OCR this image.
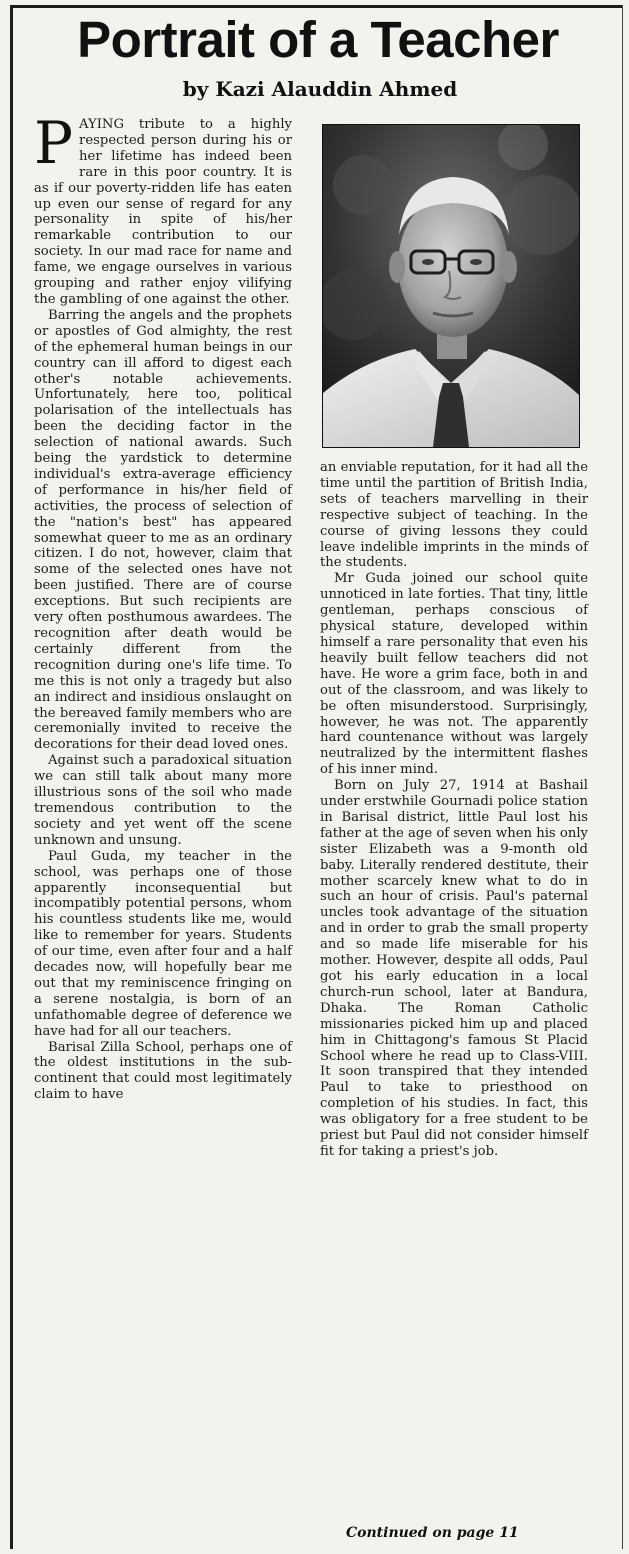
Portrait of a Teacher
by Kazi Alauddin Ahmed

PAYING tribute to a highly respected person during his or her lifetime has indeed been rare in this poor country. It is as if our poverty-ridden life has eaten up even our sense of regard for any personality in spite of his/her remarkable contribution to our society. In our mad race for name and fame, we engage ourselves in various grouping and rather enjoy vilifying the gambling of one against the other.

Barring the angels and the prophets or apostles of God almighty, the rest of the ephemeral human beings in our country can ill afford to digest each other's notable achievements. Unfortunately, here too, political polarisation of the intellectuals has been the deciding factor in the selection of national awards. Such being the yardstick to determine individual's extra-average efficiency of performance in his/her field of activities, the process of selection of the "nation's best" has appeared somewhat queer to me as an ordinary citizen. I do not, however, claim that some of the selected ones have not been justified. There are of course exceptions. But such recipients are very often posthumous awardees. The recognition after death would be certainly different from the recognition during one's life time. To me this is not only a tragedy but also an indirect and insidious onslaught on the bereaved family members who are ceremonially invited to receive the decorations for their dead loved ones.

Against such a paradoxical situation we can still talk about many more illustrious sons of the soil who made tremendous contribution to the society and yet went off the scene unknown and unsung.

Paul Guda, my teacher in the school, was perhaps one of those apparently inconsequential but incompatibly potential persons, whom his countless students like me, would like to remember for years. Students of our time, even after four and a half decades now, will hopefully bear me out that my reminiscence fringing on a serene nostalgia, is born of an unfathomable degree of deference we have had for all our teachers.

Barisal Zilla School, perhaps one of the oldest institutions in the sub-continent that could most legitimately claim to have

an enviable reputation, for it had all the time until the partition of British India, sets of teachers marvelling in their respective subject of teaching. In the course of giving lessons they could leave indelible imprints in the minds of the students.

Mr Guda joined our school quite unnoticed in late forties. That tiny, little gentleman, perhaps conscious of physical stature, developed within himself a rare personality that even his heavily built fellow teachers did not have. He wore a grim face, both in and out of the classroom, and was likely to be often misunderstood. Surprisingly, however, he was not. The apparently hard countenance without was largely neutralized by the intermittent flashes of his inner mind.

Born on July 27, 1914 at Bashail under erstwhile Gournadi police station in Barisal district, little Paul lost his father at the age of seven when his only sister Elizabeth was a 9-month old baby. Literally rendered destitute, their mother scarcely knew what to do in such an hour of crisis. Paul's paternal uncles took advantage of the situation and in order to grab the small property and so made life miserable for his mother. However, despite all odds, Paul got his early education in a local church-run school, later at Bandura, Dhaka. The Roman Catholic missionaries picked him up and placed him in Chittagong's famous St Placid School where he read up to Class-VIII. It soon transpired that they intended Paul to take to priesthood on completion of his studies. In fact, this was obligatory for a free student to be priest but Paul did not consider himself fit for taking a priest's job.

Continued on page 11
